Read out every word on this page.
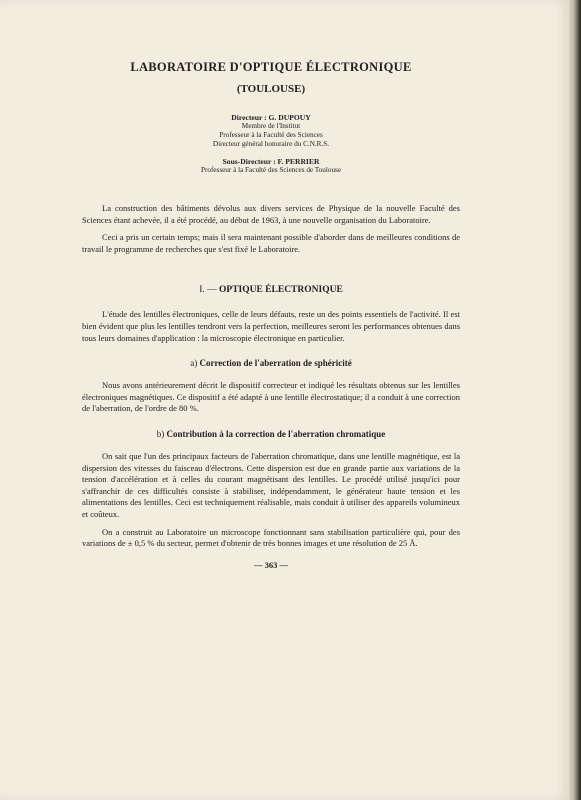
LABORATOIRE D'OPTIQUE ÉLECTRONIQUE
(TOULOUSE)
Directeur : G. DUPOUY
Membre de l'Institut
Professeur à la Faculté des Sciences
Directeur général honoraire du C.N.R.S.
Sous-Directeur : F. PERRIER
Professeur à la Faculté des Sciences de Toulouse

La construction des bâtiments dévolus aux divers services de Physique de la nouvelle Faculté des Sciences étant achevée, il a été procédé, au début de 1963, à une nouvelle organisation du Laboratoire.

Ceci a pris un certain temps; mais il sera maintenant possible d'aborder dans de meilleures conditions de travail le programme de recherches que s'est fixé le Laboratoire.

I. — OPTIQUE ÉLECTRONIQUE

L'étude des lentilles électroniques, celle de leurs défauts, reste un des points essentiels de l'activité. Il est bien évident que plus les lentilles tendront vers la perfection, meilleures seront les performances obtenues dans tous leurs domaines d'application : la microscopie électronique en particulier.

a) Correction de l'aberration de sphéricité

Nous avons antérieurement décrit le dispositif correcteur et indiqué les résultats obtenus sur les lentilles électroniques magnétiques. Ce dispositif a été adapté à une lentille électrostatique; il a conduit à une correction de l'aberration, de l'ordre de 80 %.

b) Contribution à la correction de l'aberration chromatique

On sait que l'un des principaux facteurs de l'aberration chromatique, dans une lentille magnétique, est la dispersion des vitesses du faisceau d'électrons. Cette dispersion est due en grande partie aux variations de la tension d'accélération et à celles du courant magnétisant des lentilles. Le procédé utilisé jusqu'ici pour s'affranchir de ces difficultés consiste à stabiliser, indépendamment, le générateur haute tension et les alimentations des lentilles. Ceci est techniquement réalisable, mais conduit à utiliser des appareils volumineux et coûteux.

On a construit au Laboratoire un microscope fonctionnant sans stabilisation particulière qui, pour des variations de ± 0,5 % du secteur, permet d'obtenir de très bonnes images et une résolution de 25 Å.

— 363 —
